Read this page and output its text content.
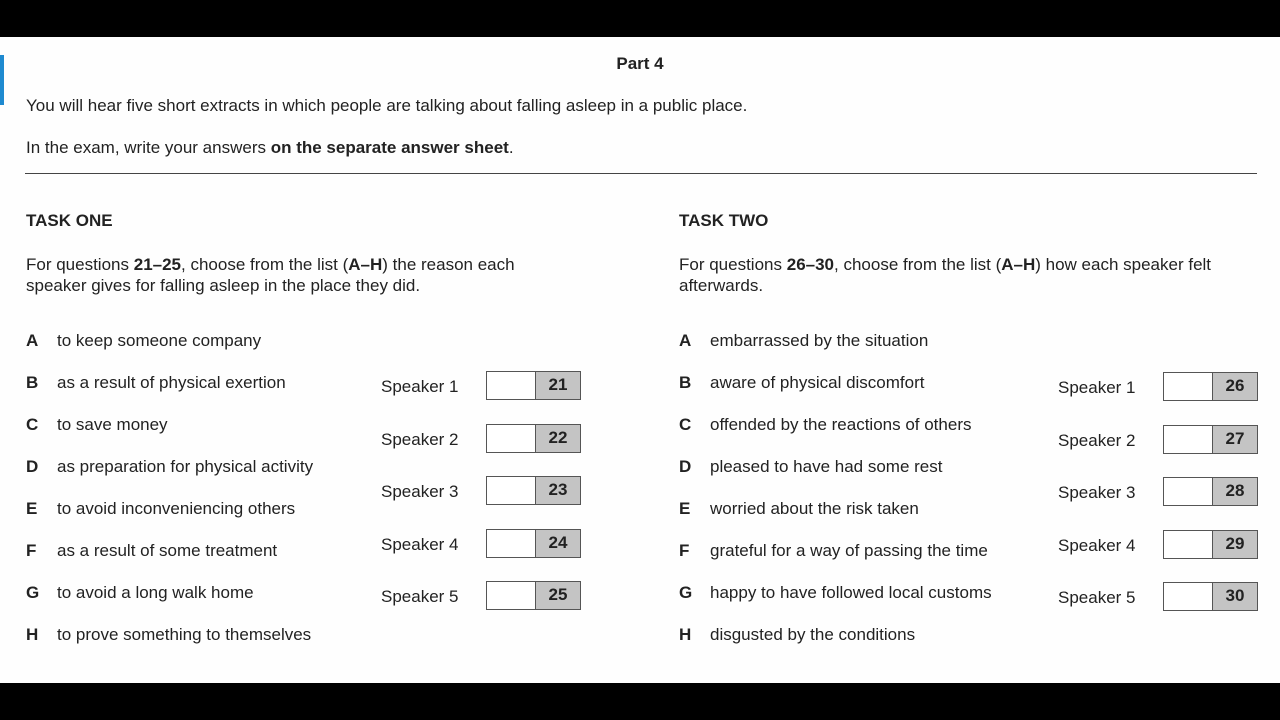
Part 4
You will hear five short extracts in which people are talking about falling asleep in a public place.
In the exam, write your answers on the separate answer sheet.
TASK ONE
For questions 21–25, choose from the list (A–H) the reason each speaker gives for falling asleep in the place they did.
A to keep someone company
B as a result of physical exertion
C to save money
D as preparation for physical activity
E to avoid inconveniencing others
F as a result of some treatment
G to avoid a long walk home
H to prove something to themselves
Speaker 1	21
Speaker 2	22
Speaker 3	23
Speaker 4	24
Speaker 5	25
TASK TWO
For questions 26–30, choose from the list (A–H) how each speaker felt afterwards.
A embarrassed by the situation
B aware of physical discomfort
C offended by the reactions of others
D pleased to have had some rest
E worried about the risk taken
F grateful for a way of passing the time
G happy to have followed local customs
H disgusted by the conditions
Speaker 1	26
Speaker 2	27
Speaker 3	28
Speaker 4	29
Speaker 5	30
